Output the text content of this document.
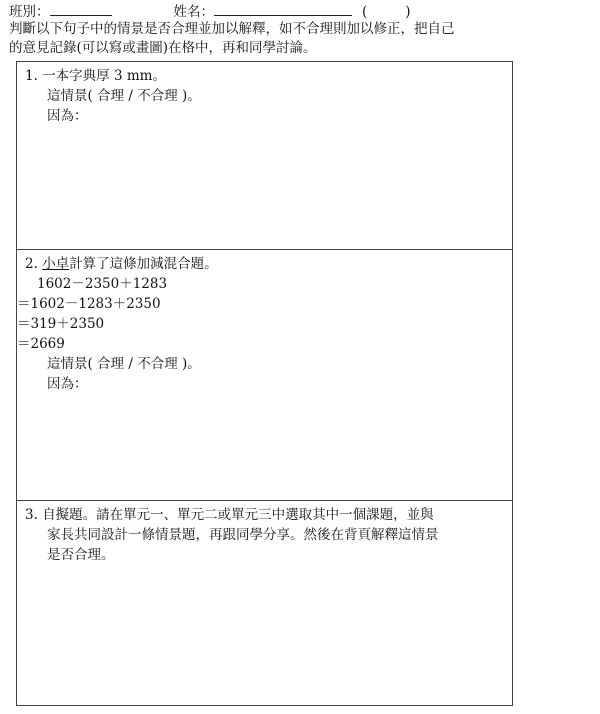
班別：	姓名：	(	)
判斷以下句子中的情景是否合理並加以解釋，如不合理則加以修正，把自己
的意見記錄(可以寫或畫圖)在格中，再和同學討論。
1. 一本字典厚 3 mm。
這情景( 合理 / 不合理 )。
因為：
2. 小卓計算了這條加減混合題。
1602－2350＋1283
＝1602－1283＋2350
＝319＋2350
＝2669
這情景( 合理 / 不合理 )。
因為：
3. 自擬題。請在單元一、單元二或單元三中選取其中一個課題，並與
家長共同設計一條情景題，再跟同學分享。然後在背頁解釋這情景
是否合理。
